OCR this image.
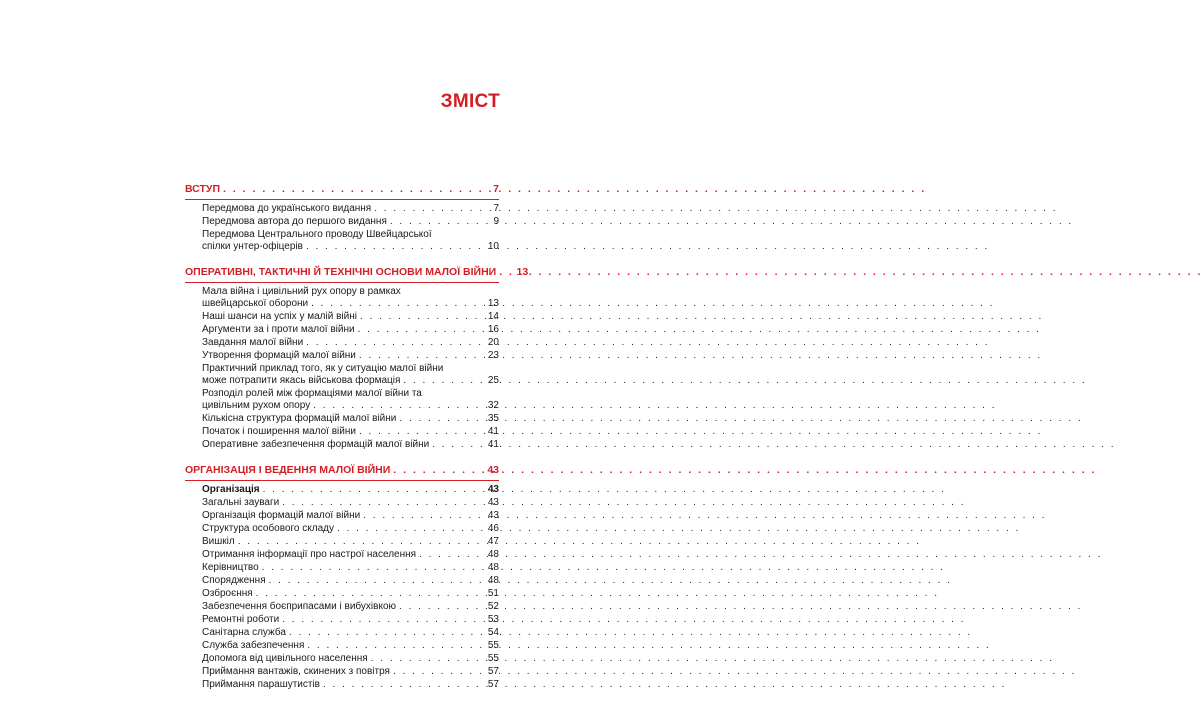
ЗМІСТ
ВСТУП . . .	7
Передмова до українського видання . . .	7
Передмова автора до першого видання . . .	9
Передмова Центрального проводу Швейцарської
спілки унтер-офіцерів . . .	10
ОПЕРАТИВНІ, ТАКТИЧНІ Й ТЕХНІЧНІ ОСНОВИ МАЛОЇ ВІЙНИ . . . 13
Мала війна і цивільний рух опору в рамках
швейцарської оборони . . .	13
Наші шанси на успіх у малій війні . . .	14
Аргументи за і проти малої війни . . .	16
Завдання малої війни . . .	20
Утворення формацій малої війни . . .	23
Практичний приклад того, як у ситуацію малої війни
може потрапити якась військова формація . . .	25
Розподіл ролей між формаціями малої війни та
цивільним рухом опору . . .	32
Кількісна структура формацій малої війни . . .	35
Початок і поширення малої війни . . .	41
Оперативне забезпечення формацій малої війни . . .	41
ОРГАНІЗАЦІЯ І ВЕДЕННЯ МАЛОЇ ВІЙНИ . . .	43
Організація . . .	43
Загальні зауваги . . .	43
Організація формацій малої війни . . .	43
Структура особового складу . . .	46
Вишкіл . . .	47
Отримання інформації про настрої населення . . .	48
Керівництво . . .	48
Спорядження . . .	48
Озброєння . . .	51
Забезпечення боєприпасами і вибухівкою . . .	52
Ремонтні роботи . . .	53
Санітарна служба . . .	54
Служба забезпечення . . .	55
Допомога від цивільного населення . . .	55
Приймання вантажів, скинених з повітря . . .	57
Приймання парашутистів . . .	57
